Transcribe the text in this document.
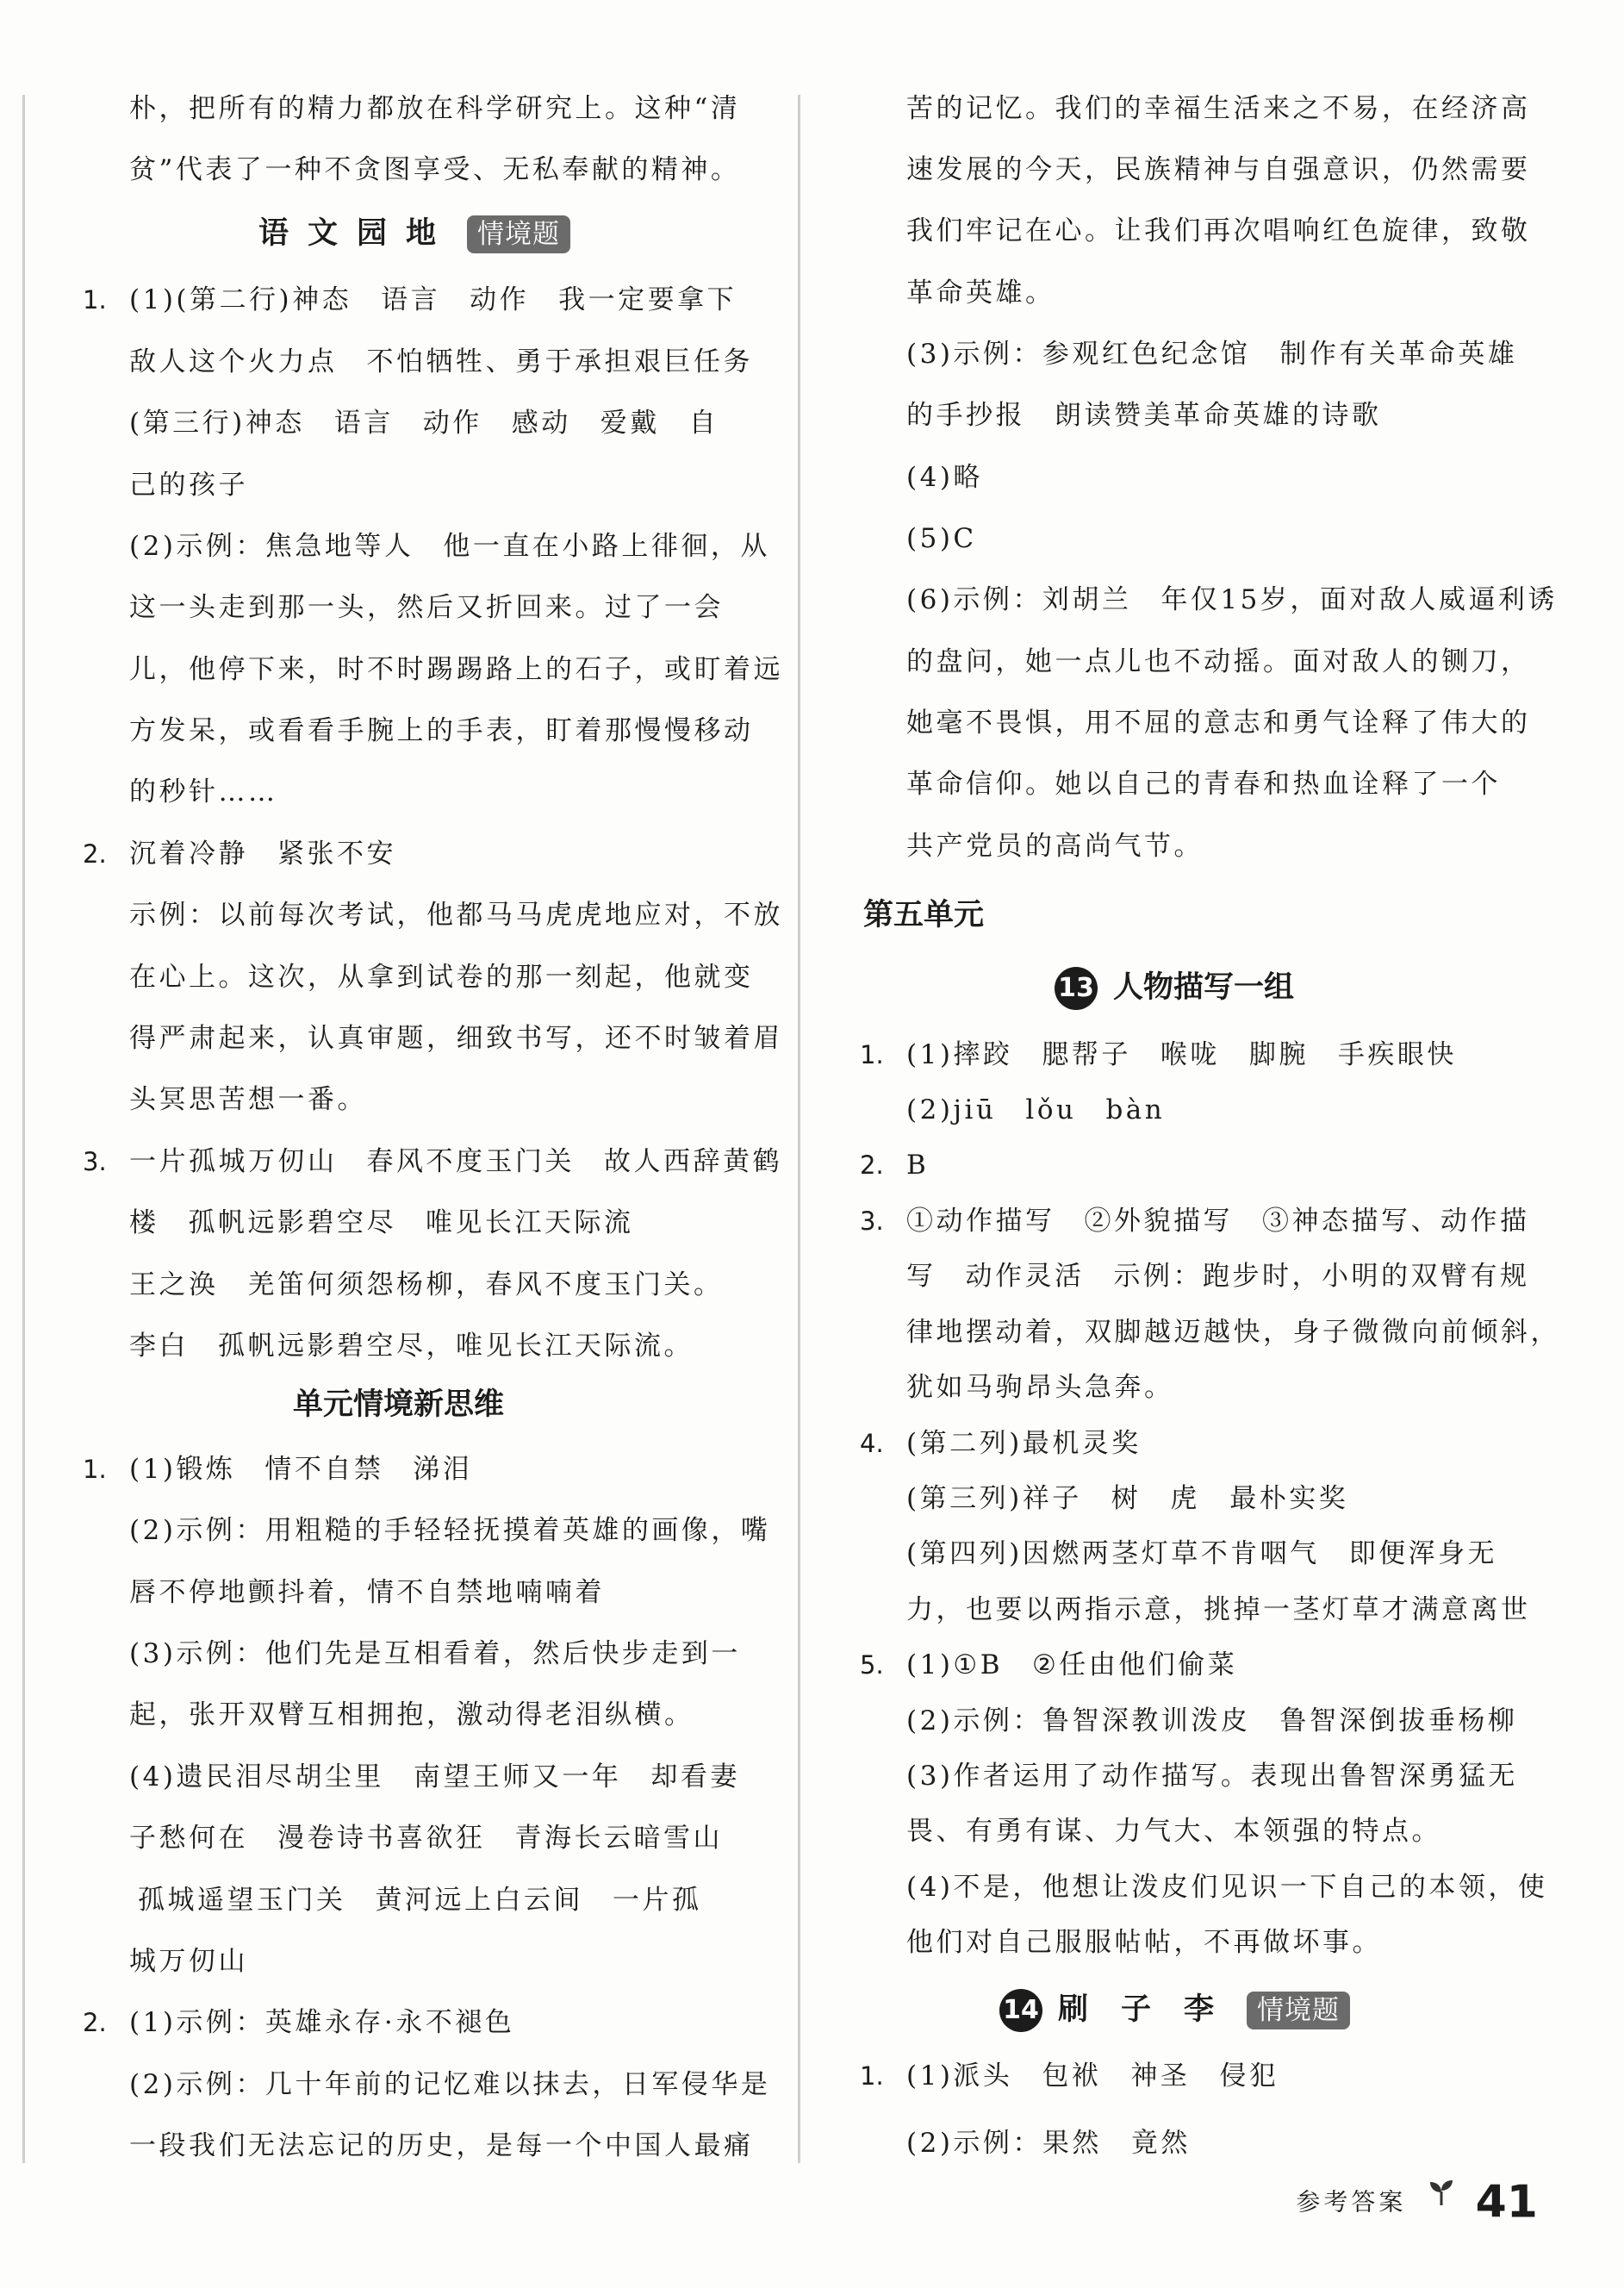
朴，把所有的精力都放在科学研究上。这种“清
贫”代表了一种不贪图享受、无私奉献的精神。
语文园地 情境题
1. (1)(第二行)神态 语言 动作 我一定要拿下
敌人这个火力点 不怕牺牲、勇于承担艰巨任务
(第三行)神态 语言 动作 感动 爱戴 自
己的孩子
(2)示例：焦急地等人 他一直在小路上徘徊，从
这一头走到那一头，然后又折回来。过了一会
儿，他停下来，时不时踢踢路上的石子，或盯着远
方发呆，或看看手腕上的手表，盯着那慢慢移动
的秒针……
2. 沉着冷静 紧张不安
示例：以前每次考试，他都马马虎虎地应对，不放
在心上。这次，从拿到试卷的那一刻起，他就变
得严肃起来，认真审题，细致书写，还不时皱着眉
头冥思苦想一番。
3. 一片孤城万仞山 春风不度玉门关 故人西辞黄鹤
楼 孤帆远影碧空尽 唯见长江天际流
王之涣 羌笛何须怨杨柳，春风不度玉门关。
李白 孤帆远影碧空尽，唯见长江天际流。
单元情境新思维
1. (1)锻炼 情不自禁 涕泪
(2)示例：用粗糙的手轻轻抚摸着英雄的画像，嘴
唇不停地颤抖着，情不自禁地喃喃着
(3)示例：他们先是互相看着，然后快步走到一
起，张开双臂互相拥抱，激动得老泪纵横。
(4)遗民泪尽胡尘里 南望王师又一年 却看妻
子愁何在 漫卷诗书喜欲狂 青海长云暗雪山
孤城遥望玉门关 黄河远上白云间 一片孤
城万仞山
2. (1)示例：英雄永存·永不褪色
(2)示例：几十年前的记忆难以抹去，日军侵华是
一段我们无法忘记的历史，是每一个中国人最痛
苦的记忆。我们的幸福生活来之不易，在经济高
速发展的今天，民族精神与自强意识，仍然需要
我们牢记在心。让我们再次唱响红色旋律，致敬
革命英雄。
(3)示例：参观红色纪念馆 制作有关革命英雄
的手抄报 朗读赞美革命英雄的诗歌
(4)略
(5)C
(6)示例：刘胡兰 年仅15岁，面对敌人威逼利诱
的盘问，她一点儿也不动摇。面对敌人的铡刀，
她毫不畏惧，用不屈的意志和勇气诠释了伟大的
革命信仰。她以自己的青春和热血诠释了一个
共产党员的高尚气节。
第五单元
13 人物描写一组
1. (1)摔跤 腮帮子 喉咙 脚腕 手疾眼快
(2)jiū lǒu bàn
2. B
3. ①动作描写 ②外貌描写 ③神态描写、动作描
写 动作灵活 示例：跑步时，小明的双臂有规
律地摆动着，双脚越迈越快，身子微微向前倾斜，
犹如马驹昂头急奔。
4. (第二列)最机灵奖
(第三列)祥子 树 虎　最朴实奖
(第四列)因燃两茎灯草不肯咽气 即便浑身无
力，也要以两指示意，挑掉一茎灯草才满意离世
5. (1)①B ②任由他们偷菜
(2)示例：鲁智深教训泼皮 鲁智深倒拔垂杨柳
(3)作者运用了动作描写。表现出鲁智深勇猛无
畏、有勇有谋、力气大、本领强的特点。
(4)不是，他想让泼皮们见识一下自己的本领，使
他们对自己服服帖帖，不再做坏事。
14 刷子李 情境题
1. (1)派头 包袱 神圣 侵犯
(2)示例：果然 竟然
参考答案 41
